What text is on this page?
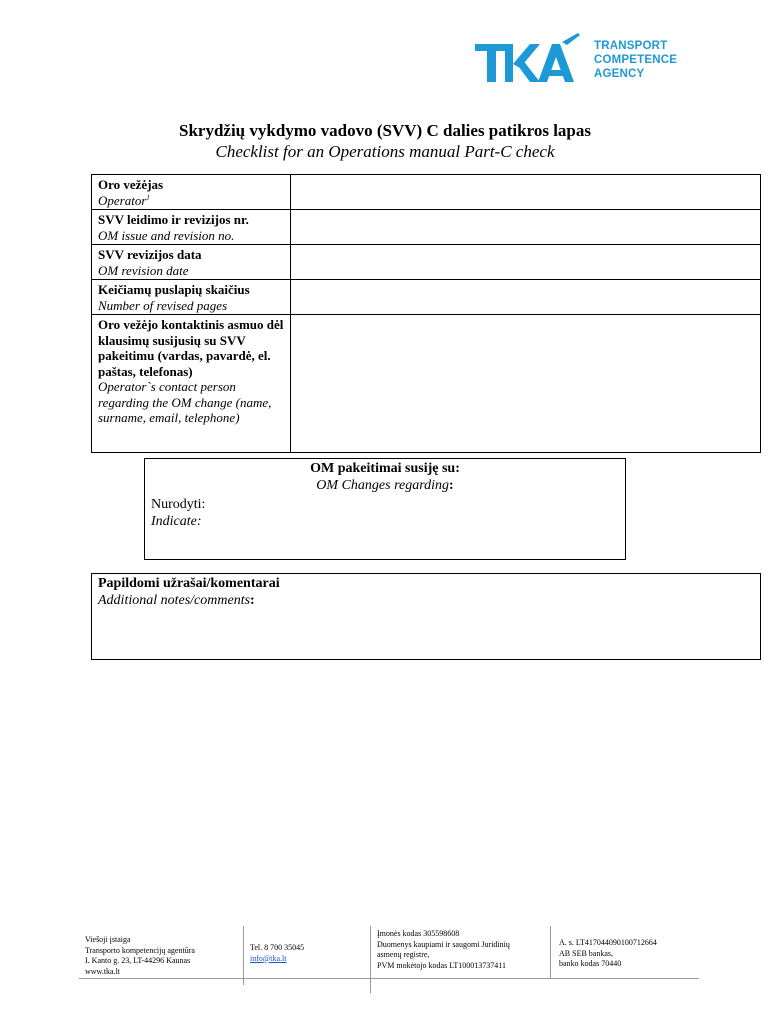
TRANSPORT
COMPETENCE
AGENCY
Skrydžių vykdymo vadovo (SVV) C dalies patikros lapas
Checklist for an Operations manual Part-C check
Oro vežėjas
Operator$^1$

SVV leidimo ir revizijos nr.
OM issue and revision no.	

SVV revizijos data
OM revision date	

Keičiamų puslapių skaičius
Number of revised pages	

Oro vežėjo kontaktinis asmuo dėl klausimų susijusių su SVV pakeitimu (vardas, pavardė, el. paštas, telefonas)
Operator`s contact person regarding the OM change (name, surname, email, telephone)	

OM pakeitimai susiję su:
OM Changes regarding:
Nurodyti:
Indicate:
Papildomi užrašai/komentarai
Additional notes/comments:
Viešoji įstaiga
Transporto kompetencijų agentūra
I. Kanto g. 23, LT-44296 Kaunas
www.tka.lt
Tel. 8 700 35045
info@tka.lt
Įmonės kodas 305598608
Duomenys kaupiami ir saugomi Juridinių
asmenų registre,
PVM mokėtojo kodas LT100013737411
A. s. LT417044090100712664
AB SEB bankas,
banko kodas 70440
